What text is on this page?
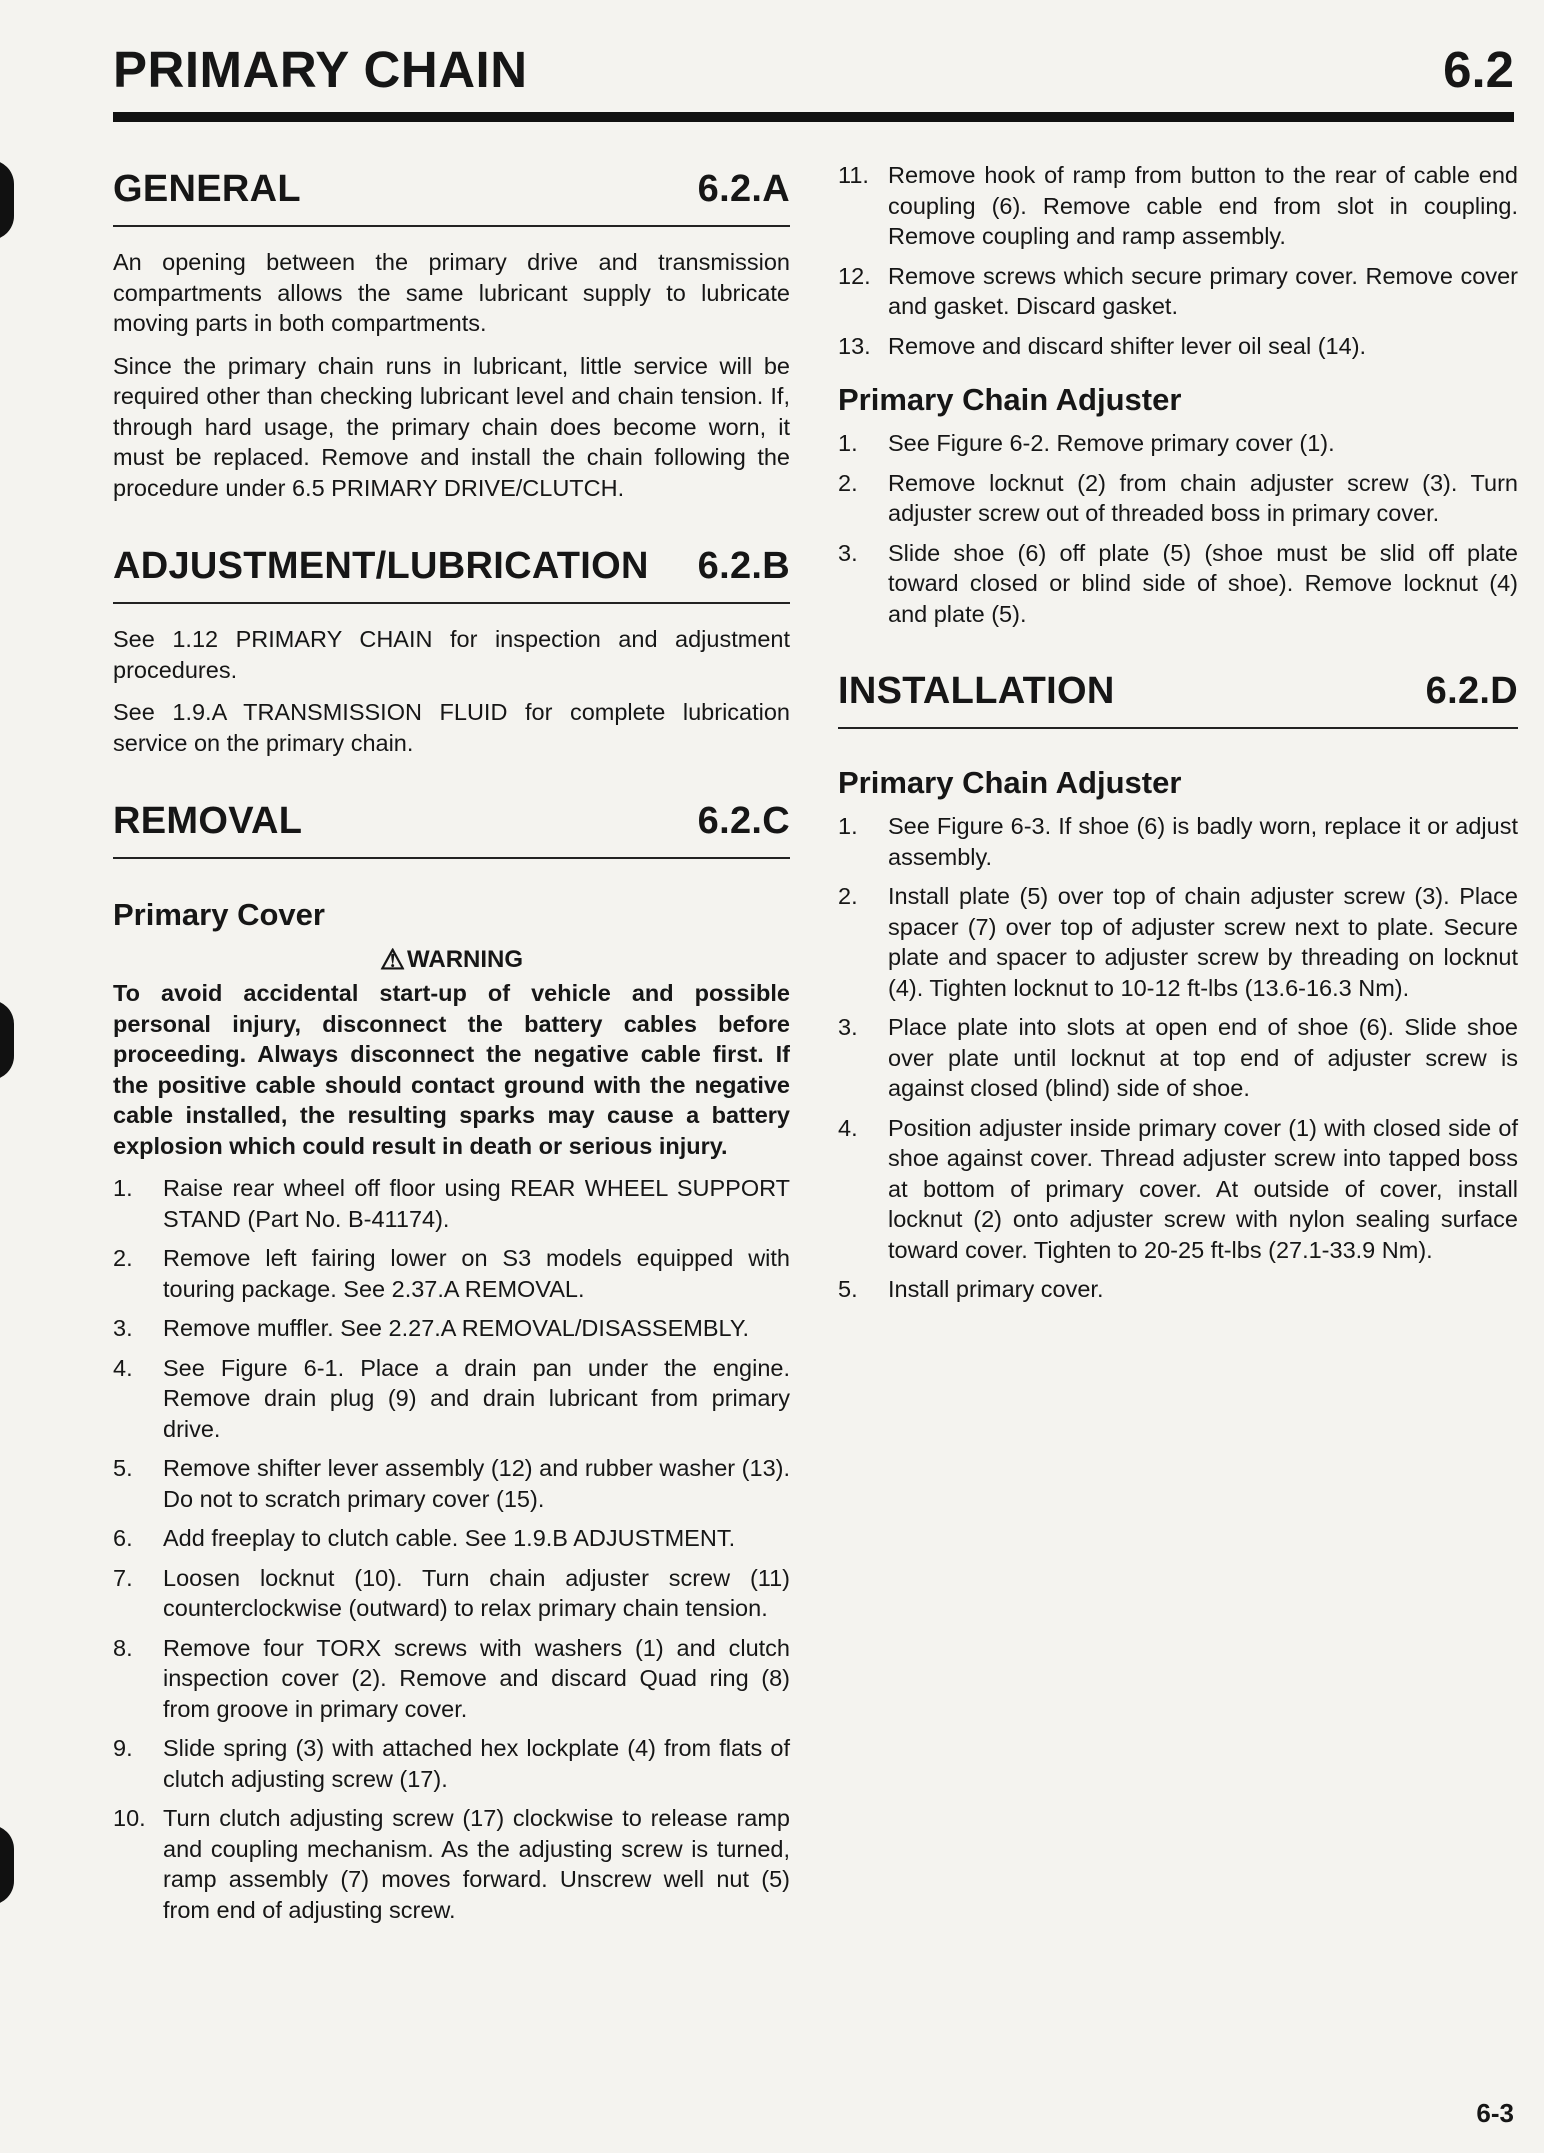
PRIMARY CHAIN	6.2
GENERAL	6.2.A

An opening between the primary drive and transmission compartments allows the same lubricant supply to lubricate moving parts in both compartments.

Since the primary chain runs in lubricant, little service will be required other than checking lubricant level and chain tension. If, through hard usage, the primary chain does become worn, it must be replaced. Remove and install the chain following the procedure under 6.5 PRIMARY DRIVE/CLUTCH.

ADJUSTMENT/LUBRICATION 6.2.B

See 1.12 PRIMARY CHAIN for inspection and adjustment procedures.

See 1.9.A TRANSMISSION FLUID for complete lubrication service on the primary chain.

REMOVAL	6.2.C
Primary Cover
⚠WARNING
To avoid accidental start-up of vehicle and possible personal injury, disconnect the battery cables before proceeding. Always disconnect the negative cable first. If the positive cable should contact ground with the negative cable installed, the resulting sparks may cause a battery explosion which could result in death or serious injury.
1.	Raise rear wheel off floor using REAR WHEEL SUPPORT STAND (Part No. B-41174).
2.	Remove left fairing lower on S3 models equipped with touring package. See 2.37.A REMOVAL.
3.	Remove muffler. See 2.27.A REMOVAL/DISASSEMBLY.
4.	See Figure 6-1. Place a drain pan under the engine. Remove drain plug (9) and drain lubricant from primary drive.
5.	Remove shifter lever assembly (12) and rubber washer (13). Do not to scratch primary cover (15).
6.	Add freeplay to clutch cable. See 1.9.B ADJUSTMENT.
7.	Loosen locknut (10). Turn chain adjuster screw (11) counterclockwise (outward) to relax primary chain tension.
8.	Remove four TORX screws with washers (1) and clutch inspection cover (2). Remove and discard Quad ring (8) from groove in primary cover.
9.	Slide spring (3) with attached hex lockplate (4) from flats of clutch adjusting screw (17).
10. Turn clutch adjusting screw (17) clockwise to release ramp and coupling mechanism. As the adjusting screw is turned, ramp assembly (7) moves forward. Unscrew well nut (5) from end of adjusting screw.
11. Remove hook of ramp from button to the rear of cable end coupling (6). Remove cable end from slot in coupling. Remove coupling and ramp assembly.
12. Remove screws which secure primary cover. Remove cover and gasket. Discard gasket.
13. Remove and discard shifter lever oil seal (14).
Primary Chain Adjuster
1.	See Figure 6-2. Remove primary cover (1).
2.	Remove locknut (2) from chain adjuster screw (3). Turn adjuster screw out of threaded boss in primary cover.
3.	Slide shoe (6) off plate (5) (shoe must be slid off plate toward closed or blind side of shoe). Remove locknut (4) and plate (5).
INSTALLATION	6.2.D
Primary Chain Adjuster
1.	See Figure 6-3. If shoe (6) is badly worn, replace it or adjust assembly.
2.	Install plate (5) over top of chain adjuster screw (3). Place spacer (7) over top of adjuster screw next to plate. Secure plate and spacer to adjuster screw by threading on locknut (4). Tighten locknut to 10-12 ft-lbs (13.6-16.3 Nm).
3.	Place plate into slots at open end of shoe (6). Slide shoe over plate until locknut at top end of adjuster screw is against closed (blind) side of shoe.
4.	Position adjuster inside primary cover (1) with closed side of shoe against cover. Thread adjuster screw into tapped boss at bottom of primary cover. At outside of cover, install locknut (2) onto adjuster screw with nylon sealing surface toward cover. Tighten to 20-25 ft-lbs (27.1-33.9 Nm).
5.	Install primary cover.
6-3
